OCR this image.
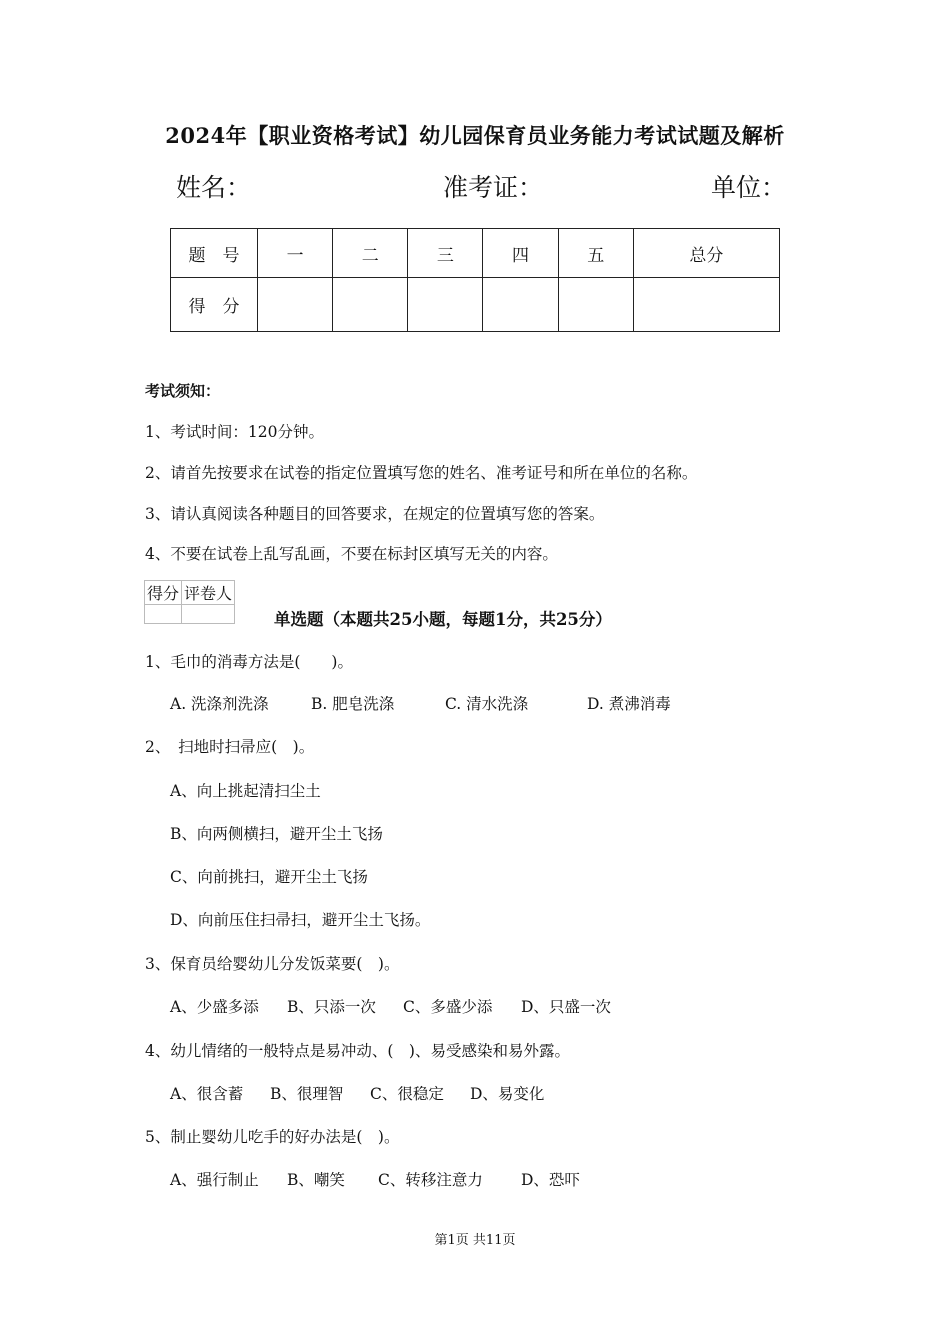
2024年【职业资格考试】幼儿园保育员业务能力考试试题及解析
姓名：	准考证：	单位：
题　号	一	二	三	四	五	总分
得　分						
考试须知：
1、考试时间：120分钟。
2、请首先按要求在试卷的指定位置填写您的姓名、准考证号和所在单位的名称。
3、请认真阅读各种题目的回答要求，在规定的位置填写您的答案。
4、不要在试卷上乱写乱画，不要在标封区填写无关的内容。
得分	评卷人

单选题（本题共25小题，每题1分，共25分）
1、毛巾的消毒方法是(　　)。
A. 洗涤剂洗涤	B. 肥皂洗涤	C. 清水洗涤	D. 煮沸消毒
2、　扫地时扫帚应(　)。
A、向上挑起清扫尘土
B、向两侧横扫，避开尘土飞扬
C、向前挑扫，避开尘土飞扬
D、向前压住扫帚扫，避开尘土飞扬。
3、保育员给婴幼儿分发饭菜要(　)。
A、少盛多添 B、只添一次 C、多盛少添 D、只盛一次
4、幼儿情绪的一般特点是易冲动、(　)、易受感染和易外露。
A、很含蓄 B、很理智 C、很稳定 D、易变化
5、制止婴幼儿吃手的好办法是(　)。
A、强行制止 B、嘲笑 C、转移注意力 D、恐吓
第1页 共11页
